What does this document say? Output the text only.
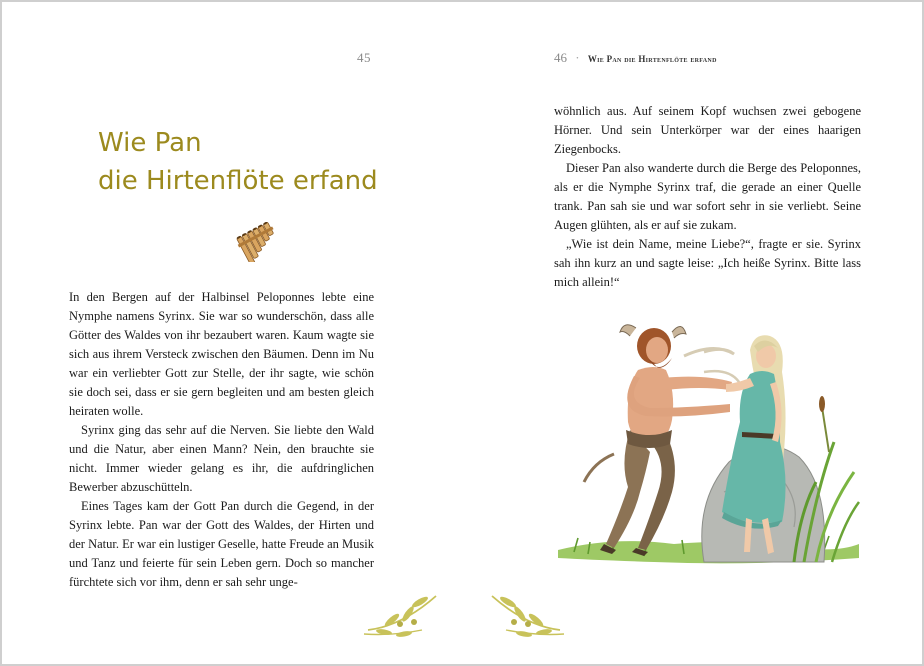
45
Wie Pan
die Hirtenflöte erfand

In den Bergen auf der Halbinsel Peloponnes lebte eine Nymphe namens Syrinx. Sie war so wunderschön, dass alle Götter des Waldes von ihr bezaubert waren. Kaum wagte sie sich aus ihrem Versteck zwischen den Bäumen. Denn im Nu war ein verliebter Gott zur Stelle, der ihr sagte, wie schön sie doch sei, dass er sie gern begleiten und am besten gleich heiraten wolle.

Syrinx ging das sehr auf die Nerven. Sie liebte den Wald und die Natur, aber einen Mann? Nein, den brauchte sie nicht. Immer wieder gelang es ihr, die aufdringlichen Bewerber abzuschütteln.

Eines Tages kam der Gott Pan durch die Gegend, in der Syrinx lebte. Pan war der Gott des Waldes, der Hirten und der Natur. Er war ein lustiger Geselle, hatte Freude an Musik und Tanz und feierte für sein Leben gern. Doch so mancher fürchtete sich vor ihm, denn er sah sehr unge-

46 · Wie Pan die Hirtenflöte erfand

wöhnlich aus. Auf seinem Kopf wuchsen zwei gebogene Hörner. Und sein Unterkörper war der eines haarigen Ziegenbocks.

Dieser Pan also wanderte durch die Berge des Peloponnes, als er die Nymphe Syrinx traf, die gerade an einer Quelle trank. Pan sah sie und war sofort sehr in sie verliebt. Seine Augen glühten, als er auf sie zukam.

„Wie ist dein Name, meine Liebe?“, fragte er sie. Syrinx sah ihn kurz an und sagte leise: „Ich heiße Syrinx. Bitte lass mich allein!“
